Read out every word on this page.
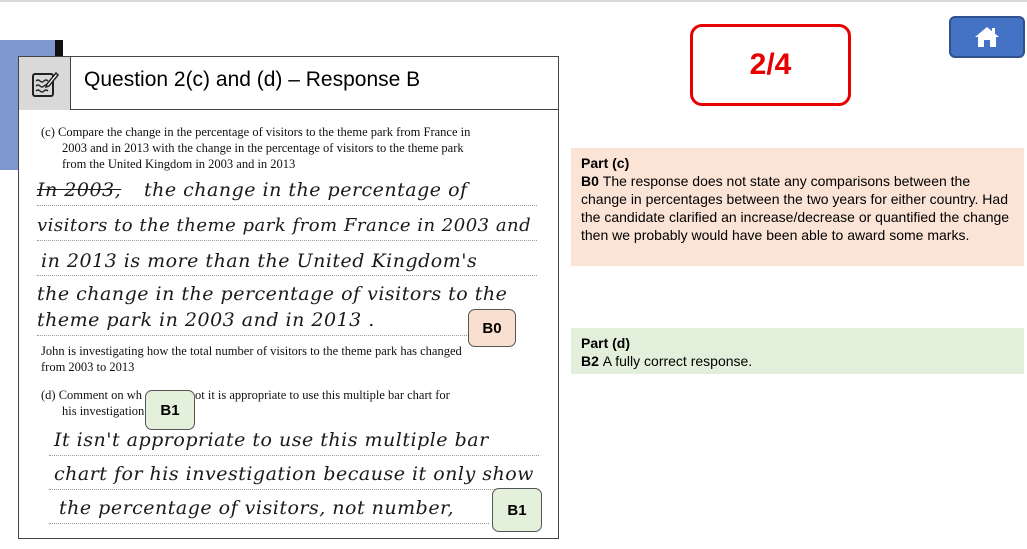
Question 2(c) and (d) – Response B
(c) Compare the change in the percentage of visitors to the theme park from France in
2003 and in 2013 with the change in the percentage of visitors to the theme park
from the United Kingdom in 2003 and in 2013
In 2003, the change in the percentage of
visitors to the theme park from France in 2003 and
in 2013 is more than the United Kingdom's
the change in the percentage of visitors to the
theme park in 2003 and in 2013 .	B0
John is investigating how the total number of visitors to the theme park has changed
from 2003 to 2013
(d) Comment on wh	ot it is appropriate to use this multiple bar chart for
his investigation	B1
It isn't appropriate to use this multiple bar
chart for his investigation because it only show
the percentage of visitors, not number,	B1
2/4
Part (c)
B0 The response does not state any comparisons between the change in percentages between the two years for either country. Had the candidate clarified an increase/decrease or quantified the change then we probably would have been able to award some marks.
Part (d)
B2 A fully correct response.
